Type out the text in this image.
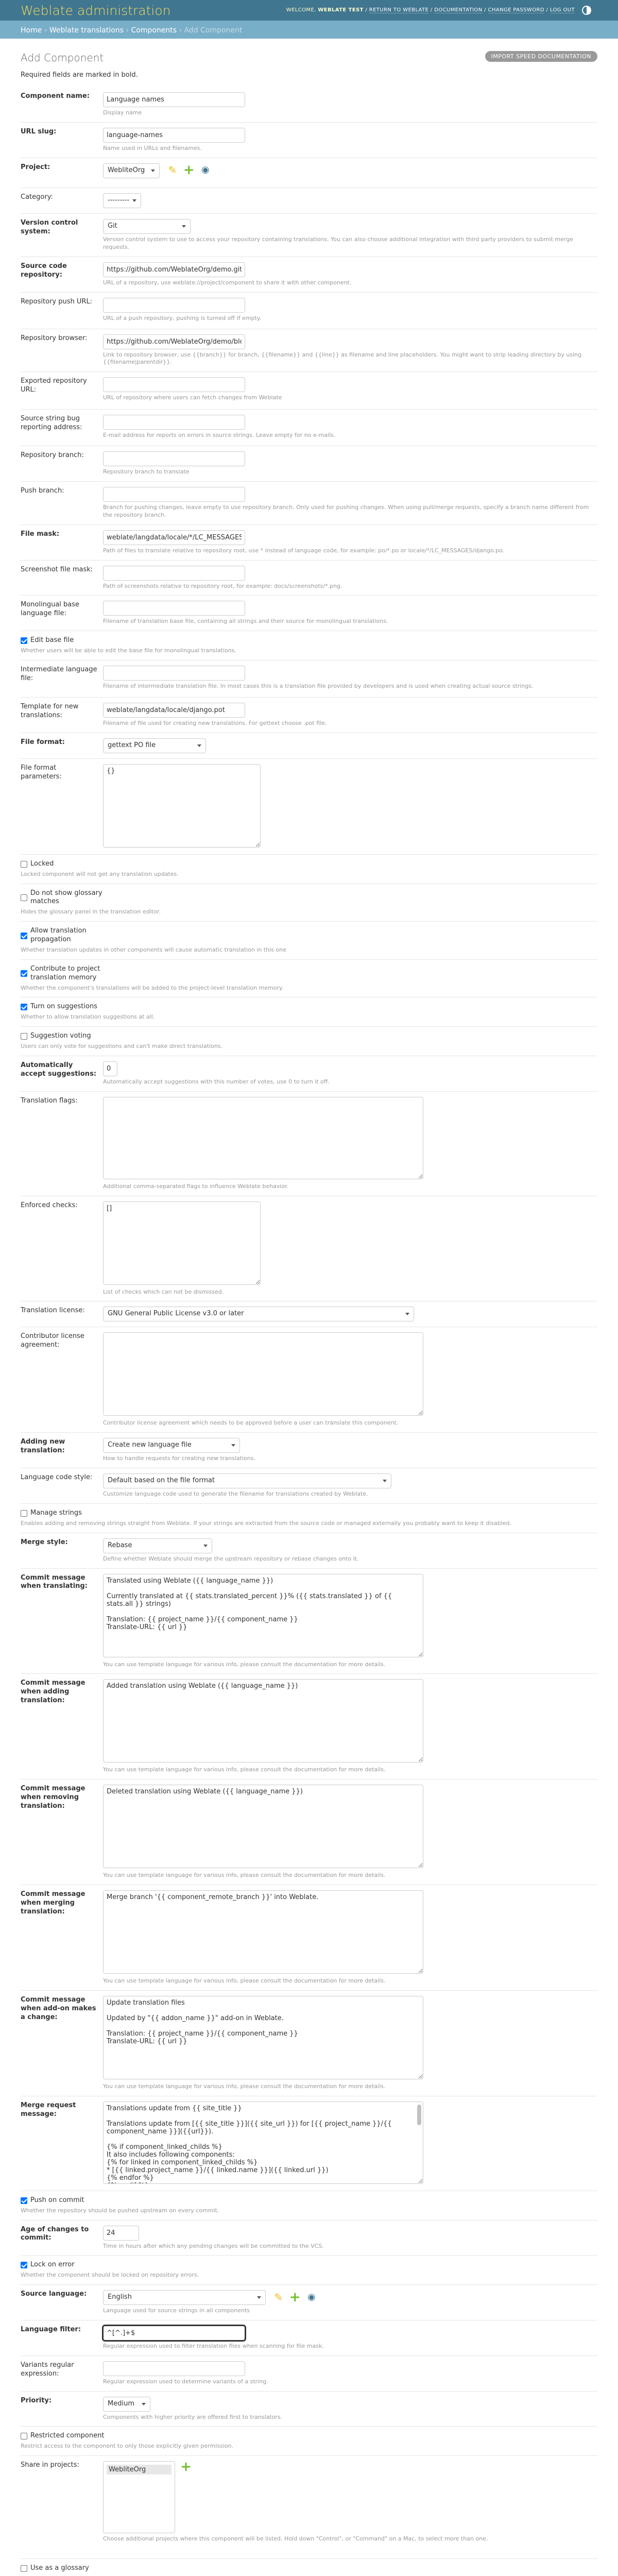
Weblate administration	WELCOME, WEBLATE TEST / RETURN TO WEBLATE / DOCUMENTATION / CHANGE PASSWORD / LOG OUT
Home › Weblate translations › Components › Add Component
IMPORT SPEED DOCUMENTATION
Add Component

Required fields are marked in bold.

Component name:
Language names
Display name
URL slug:
language-names
Name used in URLs and filenames.
Project:	WebliteOrg ✎ + ◉
Category:	---------
Version control system:
Git
Version control system to use to access your repository containing translations. You can also choose additional integration with third party providers to submit merge requests.
Source code repository:
https://github.com/WeblateOrg/demo.git
URL of a repository, use weblate://project/component to share it with other component.
Repository push URL:
URL of a push repository, pushing is turned off if empty.
Repository browser:
https://github.com/WeblateOrg/demo/blob/
Link to repository browser, use {{branch}} for branch, {{filename}} and {{line}} as filename and line placeholders. You might want to strip leading directory by using {{filename|parentdir}}.
Exported repository URL:
URL of repository where users can fetch changes from Weblate
Source string bug reporting address:
E-mail address for reports on errors in source strings. Leave empty for no e-mails.
Repository branch:
Repository branch to translate
Push branch:
Branch for pushing changes, leave empty to use repository branch. Only used for pushing changes. When using pull/merge requests, specify a branch name different from the repository branch.
File mask:
weblate/langdata/locale/*/LC_MESSAGES/django.po
Path of files to translate relative to repository root, use * instead of language code, for example: po/*.po or locale/*/LC_MESSAGES/django.po.
Screenshot file mask:
Path of screenshots relative to repository root, for example: docs/screenshots/*.png.
Monolingual base language file:
Filename of translation base file, containing all strings and their source for monolingual translations.
Edit base file
Whether users will be able to edit the base file for monolingual translations.
Intermediate language file:
Filename of intermediate translation file. In most cases this is a translation file provided by developers and is used when creating actual source strings.
Template for new translations:
weblate/langdata/locale/django.pot
Filename of file used for creating new translations. For gettext choose .pot file.
File format:	gettext PO file
File format parameters:
{}
Locked
Locked component will not get any translation updates.
Do not show glossary matches
Hides the glossary panel in the translation editor.
Allow translation propagation
Whether translation updates in other components will cause automatic translation in this one
Contribute to project translation memory
Whether the component's translations will be added to the project-level translation memory.
Turn on suggestions
Whether to allow translation suggestions at all.
Suggestion voting
Users can only vote for suggestions and can't make direct translations.
Automatically accept suggestions:
0
Automatically accept suggestions with this number of votes, use 0 to turn it off.
Translation flags:
Additional comma-separated flags to influence Weblate behavior.
Enforced checks:
[]
List of checks which can not be dismissed.
Translation license:	GNU General Public License v3.0 or later
Contributor license agreement:
Contributor license agreement which needs to be approved before a user can translate this component.
Adding new translation:
Create new language file
How to handle requests for creating new translations.
Language code style:	Default based on the file format
Customize language code used to generate the filename for translations created by Weblate.
Manage strings
Enables adding and removing strings straight from Weblate. If your strings are extracted from the source code or managed externally you probably want to keep it disabled.
Merge style:	Rebase
Define whether Weblate should merge the upstream repository or rebase changes onto it.
Commit message when translating:
Translated using Weblate ({{ language_name }}) Currently translated at {{ stats.translated_percent }}% ({{ stats.translated }} of {{ stats.all }} strings) Translation: {{ project_name }}/{{ component_name }} Translate-URL: {{ url }}
You can use template language for various info, please consult the documentation for more details.
Commit message when adding translation:
Added translation using Weblate ({{ language_name }})
You can use template language for various info, please consult the documentation for more details.
Commit message when removing translation:
Deleted translation using Weblate ({{ language_name }})
You can use template language for various info, please consult the documentation for more details.
Commit message when merging translation:
Merge branch '{{ component_remote_branch }}' into Weblate.
You can use template language for various info, please consult the documentation for more details.
Commit message when add-on makes a change:
Update translation files Updated by "{{ addon_name }}" add-on in Weblate. Translation: {{ project_name }}/{{ component_name }} Translate-URL: {{ url }}
You can use template language for various info, please consult the documentation for more details.
Merge request message:
Translations update from {{ site_title }} Translations update from [{{ site_title }}]({{ site_url }}) for [{{ project_name }}/{{ component_name }}]({{url}}). {% if component_linked_childs %} It also includes following components: {% for linked in component_linked_childs %} * [{{ linked.project_name }}/{{ linked.name }}]({{ linked.url }}) {% endfor %} {% endif %}
Push on commit
Whether the repository should be pushed upstream on every commit.
Age of changes to commit:
24
Time in hours after which any pending changes will be committed to the VCS.
Lock on error
Whether the component should be locked on repository errors.
Source language:	English	✎ + ◉
Language used for source strings in all components
Language filter:
^[^.]+$
Regular expression used to filter translation files when scanning for file mask.
Variants regular expression:
Regular expression used to determine variants of a string.
Priority:	Medium
Components with higher priority are offered first to translators.
Restricted component
Restrict access to the component to only those explicitly given permission.
Share in projects:
WebliteOrg	+
Choose additional projects where this component will be listed. Hold down "Control", or "Command" on a Mac, to select more than one.
Use as a glossary
